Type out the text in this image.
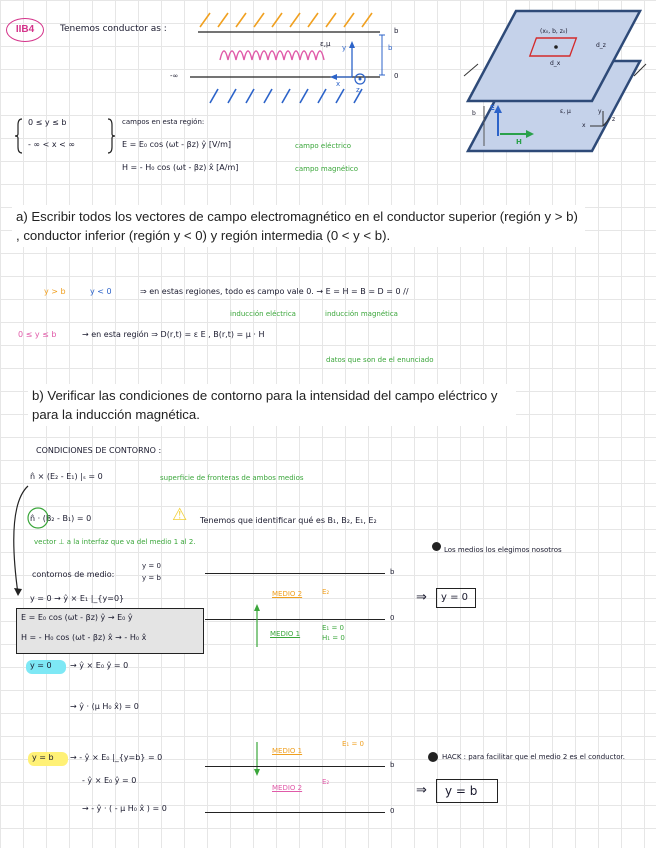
IIB4	Tenemos conductor as :
-∞
ε,μ y
x
z
b
b
0
(x₀, b, z₀)
d_z
d_x
b	ε, μ
E
H
x
y
z
0 ≤ y ≤ b
- ∞ < x < ∞
campos en esta región:
E = E₀ cos (ωt - βz) ŷ [V/m]	campo eléctrico
H = - H₀ cos (ωt - βz) x̂ [A/m]	campo magnético
a) Escribir todos los vectores de campo electromagnético en el conductor superior (región y > b) , conductor inferior (región y < 0) y región intermedia (0 < y < b).
y > b	y < 0	⇒ en estas regiones, todo es campo vale 0. → E = H = B = D = 0 //
inducción eléctrica	inducción magnética
0 ≤ y ≤ b	→ en esta región ⇒ D(r,t) = ε E , B(r,t) = μ · H
datos que son de el enunciado
b) Verificar las condiciones de contorno para la intensidad del campo eléctrico y para la inducción magnética.
CONDICIONES DE CONTORNO :
n̂ × (E₂ - E₁) |ₛ = 0	superficie de fronteras de ambos medios
n̂ · (B₂ - B₁) = 0	⚠ Tenemos que identificar qué es B₁, B₂, E₁, E₂
vector ⊥ a la interfaz que va del medio 1 al 2.
Los medios los elegimos nosotros
contornos de medio:
y = 0
y = b
b
MEDIO 2	E₂
0
MEDIO 1
E₁ = 0
H₁ = 0
⇒ y = 0
y = 0 → ŷ × E₁ |_{y=0}
E = E₀ cos (ωt - βz) ŷ → E₀ ŷ
H = - H₀ cos (ωt - βz) x̂ → - H₀ x̂
y = 0 → ŷ × E₀ ŷ = 0
→ ŷ · (μ H₀ x̂) = 0
y = b → - ŷ × E₀ |_{y=b} = 0
- ŷ × E₀ ŷ = 0
→ - ŷ · ( - μ H₀ x̂ ) = 0
MEDIO 1
E₁ = 0
b
MEDIO 2
E₂
0
HACK : para facilitar que el medio 2 es el conductor.
⇒ y = b
